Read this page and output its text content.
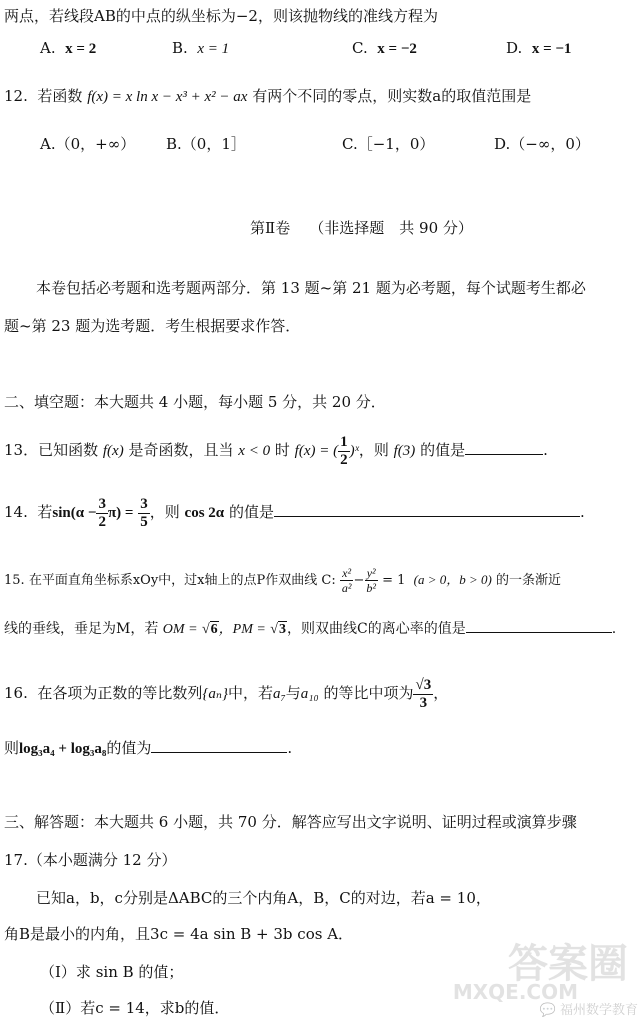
两点，若线段AB的中点的纵坐标为−2，则该抛物线的准线方程为
A. x = 2	B. x = 1	C. x = −2	D. x = −1
12. 若函数 f(x) = x ln x − x³ + x² − ax 有两个不同的零点，则实数a的取值范围是
A.（0，+∞） B.（0，1］	C.［−1，0）	D.（−∞，0）
第Ⅱ卷 （非选择题　共 90 分）
本卷包括必考题和选考题两部分．第 13 题~第 21 题为必考题，每个试题考生都必
题~第 23 题为选考题．考生根据要求作答．
二、填空题：本大题共 4 小题，每小题 5 分，共 20 分．
13．已知函数 f(x) 是奇函数，且当 x < 0 时 f(x) = ( $\frac{1}{2}$ )ˣ，则 f(3) 的值是	.
14. 若$\sin(\alpha - \frac{3}{2} \pi) = \frac{3}{5}$ ，则 cos 2α 的值是	.
15. 在平面直角坐标系xOy中，过x轴上的点P作双曲线 C: $\frac{\text{x²}}{\text{a²}} - \frac{\text{y²}}{\text{b²}} = 1$ (a > 0，b > 0) 的一条渐近
线的垂线，垂足为M，若 OM = √6，PM = √3，则双曲线C的离心率的值是	.
16. 在各项为正数的等比数列{aₙ}中，若a₇与a₁₀ 的等比中项为 $\frac{√3}{3}$ ，
则log₃a₄ + log₃a₈的值为	.
三、解答题：本大题共 6 小题，共 70 分．解答应写出文字说明、证明过程或演算步骤
17.（本小题满分 12 分）
已知a，b，c分别是ΔABC的三个内角A，B，C的对边，若a = 10，
角B是最小的内角，且3c = 4a sin B + 3b cos A．
（Ⅰ）求 sin B 的值；
（Ⅱ）若c = 14，求b的值．
答案圈
MXQE.COM
💬 福州数学教育
